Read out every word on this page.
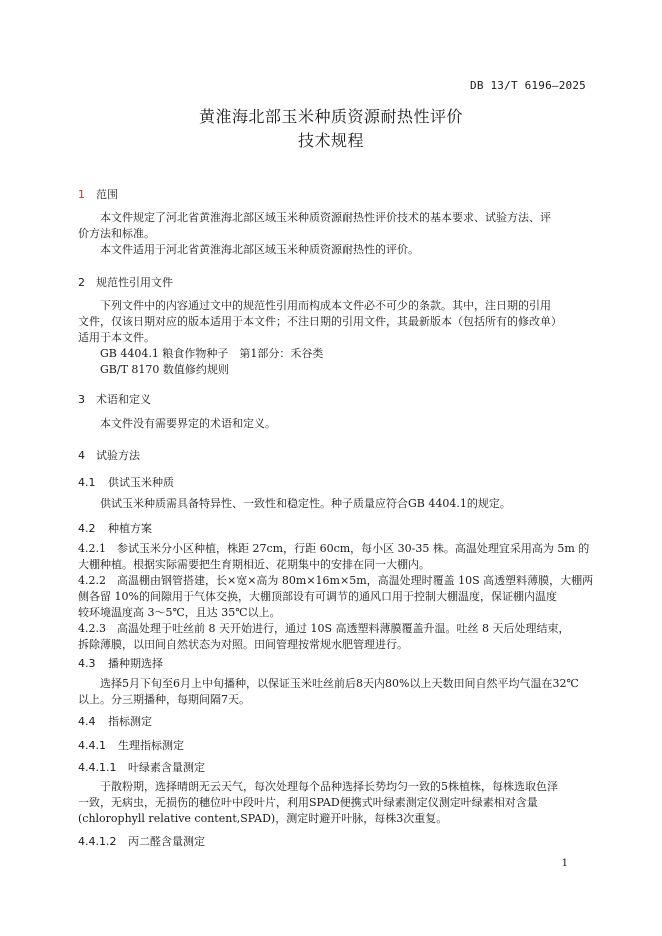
DB 13/T 6196—2025
黄淮海北部玉米种质资源耐热性评价
技术规程
1 范围
本文件规定了河北省黄淮海北部区域玉米种质资源耐热性评价技术的基本要求、试验方法、评
价方法和标准。
本文件适用于河北省黄淮海北部区域玉米种质资源耐热性的评价。
2 规范性引用文件
下列文件中的内容通过文中的规范性引用而构成本文件必不可少的条款。其中，注日期的引用
文件，仅该日期对应的版本适用于本文件；不注日期的引用文件，其最新版本（包括所有的修改单）
适用于本文件。
GB 4404.1 粮食作物种子　第1部分：禾谷类
GB/T 8170 数值修约规则
3 术语和定义
本文件没有需要界定的术语和定义。
4 试验方法
4.1 供试玉米种质
供试玉米种质需具备特异性、一致性和稳定性。种子质量应符合GB 4404.1的规定。
4.2 种植方案
4.2.1　参试玉米分小区种植，株距 27cm，行距 60cm，每小区 30-35 株。高温处理宜采用高为 5m 的
大棚种植。根据实际需要把生育期相近、花期集中的安排在同一大棚内。
4.2.2　高温棚由钢管搭建，长×宽×高为 80m×16m×5m，高温处理时覆盖 10S 高透塑料薄膜，大棚两
侧各留 10%的间隙用于气体交换，大棚顶部设有可调节的通风口用于控制大棚温度，保证棚内温度
较环境温度高 3～5℃，且达 35℃以上。
4.2.3　高温处理于吐丝前 8 天开始进行，通过 10S 高透塑料薄膜覆盖升温。吐丝 8 天后处理结束，
拆除薄膜，以田间自然状态为对照。田间管理按常规水肥管理进行。
4.3 播种期选择
选择5月下旬至6月上中旬播种，以保证玉米吐丝前后8天内80%以上天数田间自然平均气温在32℃
以上。分三期播种，每期间隔7天。
4.4 指标测定
4.4.1 生理指标测定
4.4.1.1 叶绿素含量测定
于散粉期，选择晴朗无云天气，每次处理每个品种选择长势均匀一致的5株植株，每株选取色泽
一致，无病虫，无损伤的穗位叶中段叶片，利用SPAD便携式叶绿素测定仪测定叶绿素相对含量
(chlorophyll relative content,SPAD)，测定时避开叶脉，每株3次重复。
4.4.1.2 丙二醛含量测定
1
